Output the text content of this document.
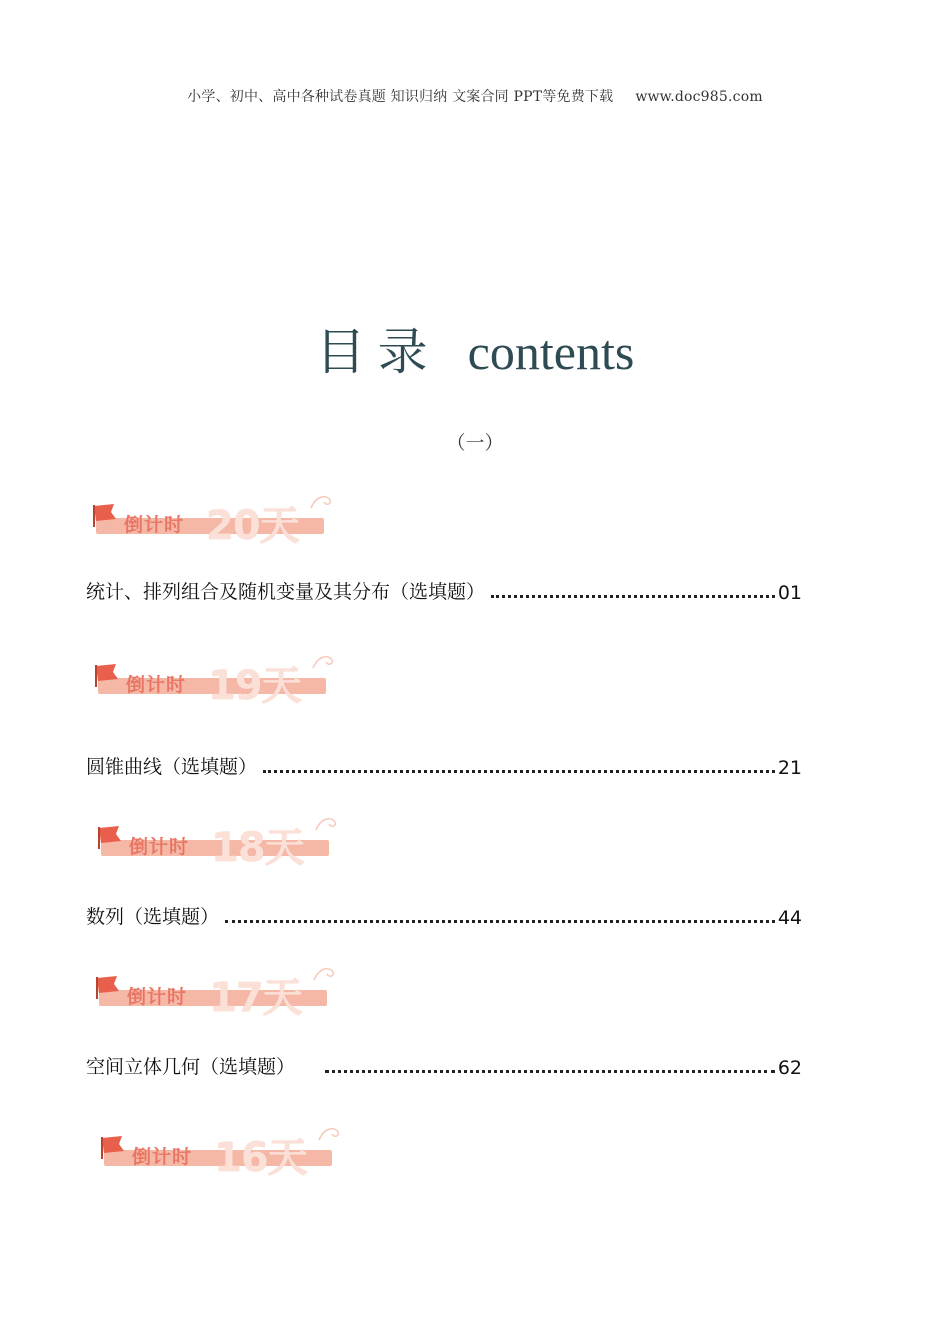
小学、初中、高中各种试卷真题 知识归纳 文案合同 PPT等免费下载 www.doc985.com
目录 contents
（一）
倒计时 20天
统计、排列组合及随机变量及其分布（选填题）	01
倒计时 19天
圆锥曲线（选填题）	21
倒计时 18天
数列（选填题）	44
倒计时 17天
空间立体几何（选填题）	62
倒计时 16天
